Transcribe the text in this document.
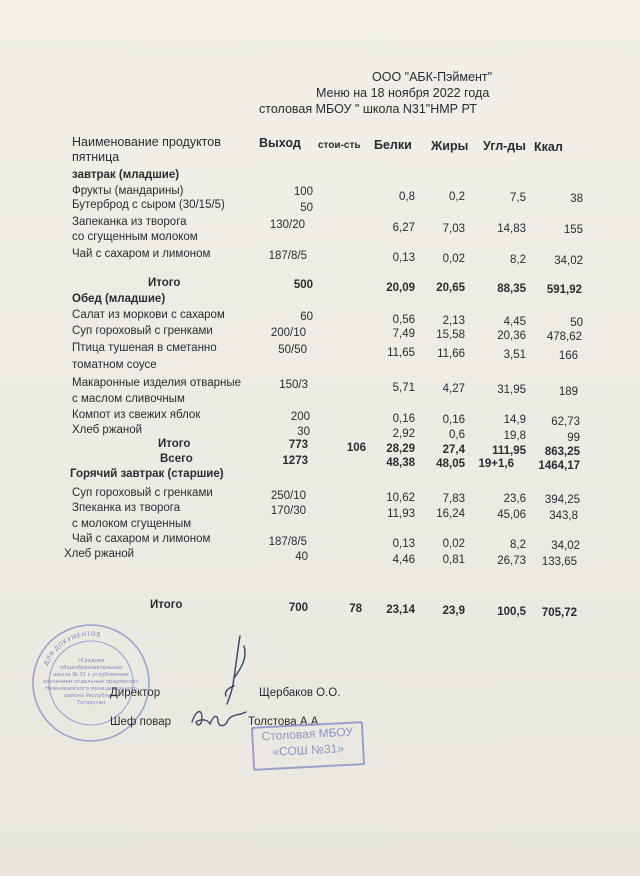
ООО "АБК-Пэймент"
Меню на 18 ноября 2022 года
столовая МБОУ " школа N31"НМР РТ
Наименование продуктов
пятница
Выход стои-сть Белки Жиры Угл-ды Ккал
завтрак (младшие)
Фрукты (мандарины)	100	0,8	0,2	7,5	38
Бутерброд с сыром (30/15/5)	50
Запеканка из творога
со сгущенным молоком
130/20	6,27	7,03	14,83	155
Чай с сахаром и лимоном	187/8/5	0,13	0,02	8,2	34,02
Итого	500	20,09	20,65	88,35	591,92
Обед (младшие)
Салат из моркови с сахаром	60	0,56	2,13	4,45	50
Суп гороховый с гренками	200/10	7,49	15,58	20,36	478,62
Птица тушеная в сметанно
томатном соусе
50/50	11,65	11,66	3,51	166
Макаронные изделия отварные
с маслом сливочным
150/3	5,71	4,27	31,95	189
Компот из свежих яблок	200	0,16	0,16	14,9	62,73
Хлеб ржаной	30	2,92	0,6	19,8	99
Итого	773	106	28,29	27,4	111,95	863,25
Всего	1273	48,38	48,05	19+1,6	1464,17
Горячий завтрак (старшие)
Суп гороховый с гренками	250/10	10,62	7,83	23,6	394,25
Зпеканка из творога
с молоком сгущенным
170/30	11,93	16,24	45,06	343,8
Чай с сахаром и лимоном	187/8/5	0,13	0,02	8,2	34,02
Хлеб ржаной	40	4,46	0,81	26,73	133,65
Итого	700	78	23,14	23,9	100,5	705,72
ДЛЯ ДОКУМЕНТОВ
«Средняя
общеобразовательная
школа № 31 с углубленным
изучением отдельных предметов»
Нижнекамского муниципального
района Республики
Татарстан
Директор	Щербаков О.О.
Шеф повар	Толстова А.А.
Столовая МБОУ
«СОШ №31»
